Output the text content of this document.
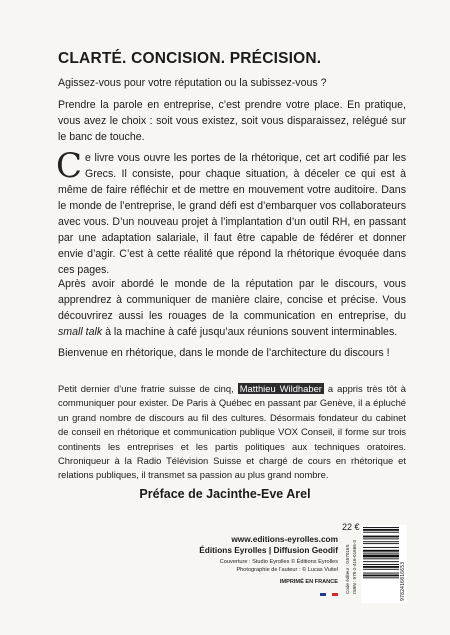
CLARTÉ. CONCISION. PRÉCISION.

Agissez-vous pour votre réputation ou la subissez-vous ?

Prendre la parole en entreprise, c’est prendre votre place. En pratique, vous avez le choix : soit vous existez, soit vous disparaissez, relégué sur le banc de touche.

Ce livre vous ouvre les portes de la rhétorique, cet art codifié par les Grecs. Il consiste, pour chaque situation, à déceler ce qui est à même de faire réfléchir et de mettre en mouvement votre auditoire. Dans le monde de l’entreprise, le grand défi est d’embarquer vos collaborateurs avec vous. D’un nouveau projet à l’implantation d’un outil RH, en passant par une adaptation salariale, il faut être capable de fédérer et donner envie d’agir. C’est à cette réalité que répond la rhétorique évoquée dans ces pages.

Après avoir abordé le monde de la réputation par le discours, vous apprendrez à communiquer de manière claire, concise et précise. Vous découvrirez aussi les rouages de la communication en entreprise, du small talk à la machine à café jusqu’aux réunions souvent interminables.

Bienvenue en rhétorique, dans le monde de l’architecture du discours !

Petit dernier d’une fratrie suisse de cinq, Matthieu Wildhaber a appris très tôt à communiquer pour exister. De Paris à Québec en passant par Genève, il a épluché un grand nombre de discours au fil des cultures. Désormais fondateur du cabinet de conseil en rhétorique et communication publique VOX Conseil, il forme sur trois continents les entreprises et les partis politiques aux techniques oratoires. Chroniqueur à la Radio Télévision Suisse et chargé de cours en rhétorique et relations publiques, il transmet sa passion au plus grand nombre.

Préface de Jacinthe-Eve Arel

22 €
www.editions-eyrolles.com
Éditions Eyrolles | Diffusion Geodif
Couverture : Studio Eyrolles © Éditions Eyrolles
Photographie de l’auteur : © Lucas Vuitel
IMPRIMÉ EN FRANCE Code éditeur : G57016S ISBN : 978-2-416-01665-3	9782416016653
